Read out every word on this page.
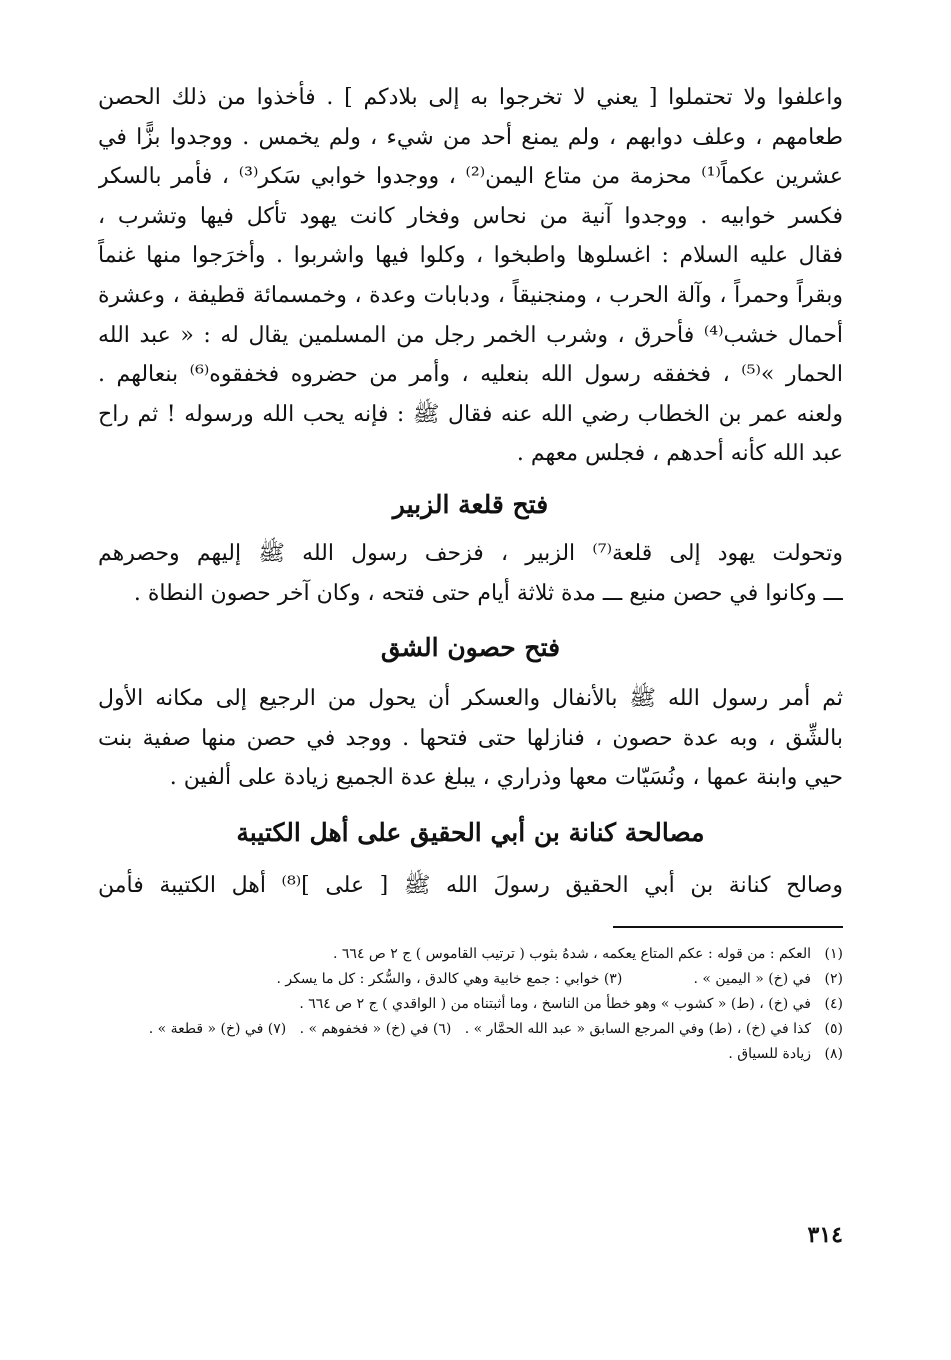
واعلفوا ولا تحتملوا [ يعني لا تخرجوا به إلى بلادكم ] . فأخذوا من ذلك الحصن
طعامهم ، وعلف دوابهم ، ولم يمنع أحد من شيء ، ولم يخمس . ووجدوا بزًّا في
عشرين عكماً⁽¹⁾ محزمة من متاع اليمن⁽²⁾ ، ووجدوا خوابي سَكر⁽³⁾ ، فأمر بالسكر
فكسر خوابيه . ووجدوا آنية من نحاس وفخار كانت يهود تأكل فيها وتشرب ،
فقال عليه السلام : اغسلوها واطبخوا ، وكلوا فيها واشربوا . وأخرَجوا منها غنماً
وبقراً وحمراً ، وآلة الحرب ، ومنجنيقاً ، ودبابات وعدة ، وخمسمائة قطيفة ، وعشرة
أحمال خشب⁽⁴⁾ فأحرق ، وشرب الخمر رجل من المسلمين يقال له : « عبد الله
الحمار »⁽⁵⁾ ، فخفقه رسول الله بنعليه ، وأمر من حضروه فخفقوه⁽⁶⁾ بنعالهم .
ولعنه عمر بن الخطاب رضي الله عنه فقال ﷺ : فإنه يحب الله ورسوله ! ثم راح
عبد الله كأنه أحدهم ، فجلس معهم .

فتح قلعة الزبير

وتحولت يهود إلى قلعة⁽⁷⁾ الزبير ، فزحف رسول الله ﷺ إليهم وحصرهم
ـــ وكانوا في حصن منيع ـــ مدة ثلاثة أيام حتى فتحه ، وكان آخر حصون النطاة .

فتح حصون الشق

ثم أمر رسول الله ﷺ بالأنفال والعسكر أن يحول من الرجيع إلى مكانه الأول
بالشِّق ، وبه عدة حصون ، فنازلها حتى فتحها . ووجد في حصن منها صفية بنت
حيي وابنة عمها ، ونُسَيّات معها وذراري ، يبلغ عدة الجميع زيادة على ألفين .

مصالحة كنانة بن أبي الحقيق على أهل الكتيبة

وصالح كنانة بن أبي الحقيق رسولَ الله ﷺ [ على ]⁽⁸⁾ أهل الكتيبة فأمن

(١)
العكم : من قوله : عكم المتاع يعكمه ، شدهُ بثوب ( ترتيب القاموس ) ج ٢ ص ٦٦٤ .
(٢)
في (خ) « اليمين » .                (٣) خوابي : جمع خابية وهي كالدق ، والسُّكر : كل ما يسكر .
(٤)
في (خ) ، (ط) « كشوب » وهو خطأ من الناسخ ، وما أثبتناه من ( الواقدي ) ج ٢ ص ٦٦٤ .
(٥)
كذا في (خ) ، (ط) وفي المرجع السابق « عبد الله الحمَّار » .   (٦) في (خ) « فخفوهم » .   (٧) في (خ) « قطعة » .
(٨)
زيادة للسياق .
٣١٤
